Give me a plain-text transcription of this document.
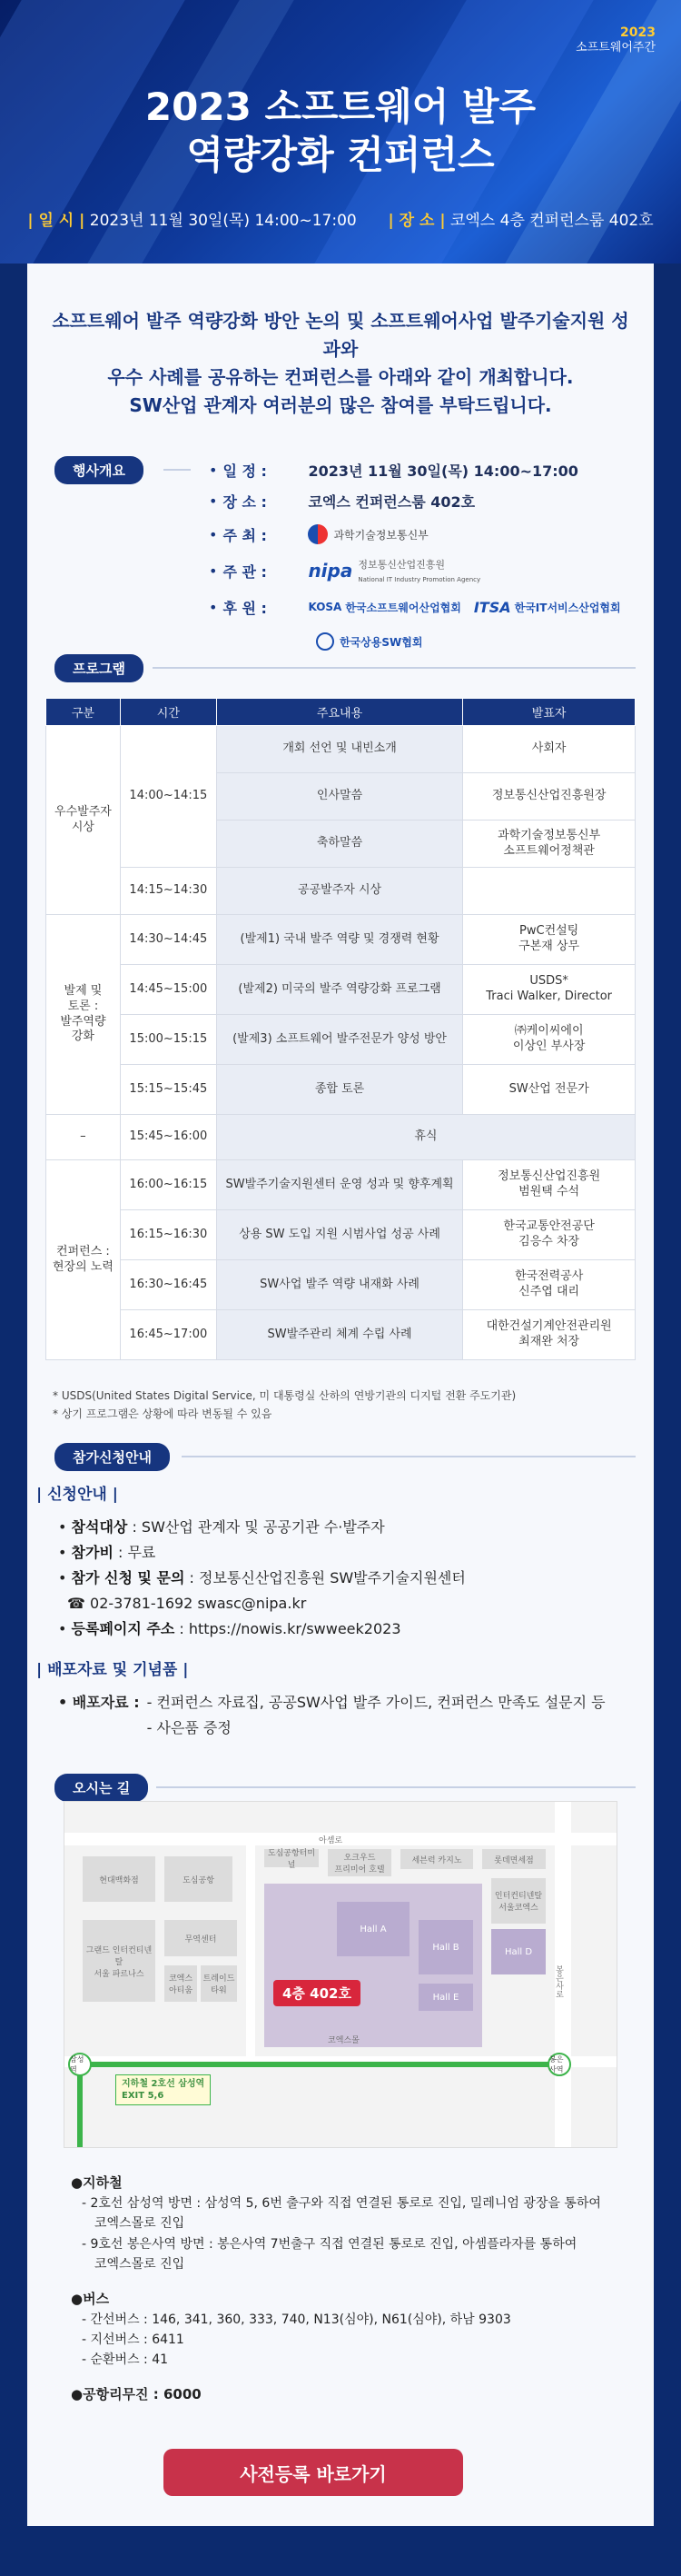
2023
소프트웨어주간
2023 소프트웨어 발주
역량강화 컨퍼런스
| 일 시 | 2023년 11월 30일(목) 14:00~17:00 | 장 소 | 코엑스 4층 컨퍼런스룸 402호
소프트웨어 발주 역량강화 방안 논의 및 소프트웨어사업 발주기술지원 성과와
우수 사례를 공유하는 컨퍼런스를 아래와 같이 개최합니다.
SW산업 관계자 여러분의 많은 참여를 부탁드립니다.
행사개요	• 일 정 :	2023년 11월 30일(목) 14:00~17:00
• 장 소 :	코엑스 컨퍼런스룸 402호
• 주 최 :	과학기술정보통신부
• 주 관 :	nipa 정보통신산업진흥원
National IT Industry Promotion Agency
• 후 원 :	KOSA 한국소프트웨어산업협회 ITSA 한국IT서비스산업협회
한국상용SW협회
프로그램
구분	시간	주요내용	발표자
우수발주자
시상	14:00~14:15	개회 선언 및 내빈소개	사회자
		인사말씀	정보통신산업진흥원장
		축하말씀	과학기술정보통신부
소프트웨어정책관
	14:15~14:30	공공발주자 시상	
발제 및
토론 :
발주역량
강화	14:30~14:45	(발제1) 국내 발주 역량 및 경쟁력 현황	PwC컨설팅
구본재 상무
	14:45~15:00	(발제2) 미국의 발주 역량강화 프로그램	USDS*
Traci Walker, Director
	15:00~15:15	(발제3) 소프트웨어 발주전문가 양성 방안	㈜케이씨에이
이상인 부사장
	15:15~15:45	종합 토론	SW산업 전문가
–	15:45~16:00	휴식	
컨퍼런스 :
현장의 노력	16:00~16:15	SW발주기술지원센터 운영 성과 및 향후계획	정보통신산업진흥원
범원택 수석
	16:15~16:30	상용 SW 도입 지원 시범사업 성공 사례	한국교통안전공단
김응수 차장
	16:30~16:45	SW사업 발주 역량 내재화 사례	한국전력공사
신주엽 대리
	16:45~17:00	SW발주관리 체계 수립 사례	대한건설기계안전관리원
최재완 처장
* USDS(United States Digital Service, 미 대통령실 산하의 연방기관의 디지털 전환 주도기관)
* 상기 프로그램은 상황에 따라 변동될 수 있음
참가신청안내
| 신청안내 |
• 참석대상 : SW산업 관계자 및 공공기관 수·발주자
• 참가비 : 무료
• 참가 신청 및 문의 : 정보통신산업진흥원 SW발주기술지원센터
☎ 02-3781-1692 swasc@nipa.kr
• 등록페이지 주소 : https://nowis.kr/swweek2023
| 배포자료 및 기념품 |
• 배포자료 : - 컨퍼런스 자료집, 공공SW사업 발주 가이드, 컨퍼런스 만족도 설문지 등
- 사은품 증정
오시는 길
아셈로
봉은사로
현대백화점	도심공항
그랜드 인터컨티넨탈
서울 파르나스
무역센터
코엑스
아티움
트레이드
타워
도심공항터미널
오크우드
프리미어 호텔
세븐럭 카지노	롯데면세점
인터컨티넨탈
서울코엑스
Hall A
Hall B	Hall D
Hall E
코엑스몰
4층 402호
삼성역
봉은사역
지하철 2호선 삼성역
EXIT 5,6
●지하철
- 2호선 삼성역 방면 : 삼성역 5, 6번 출구와 직접 연결된 통로로 진입, 밀레니엄 광장을 통하여
코엑스몰로 진입
- 9호선 봉은사역 방면 : 봉은사역 7번출구 직접 연결된 통로로 진입, 아셈플라자를 통하여
코엑스몰로 진입
●버스
- 간선버스 : 146, 341, 360, 333, 740, N13(심야), N61(심야), 하남 9303
- 지선버스 : 6411
- 순환버스 : 41
●공항리무진 : 6000
사전등록 바로가기
